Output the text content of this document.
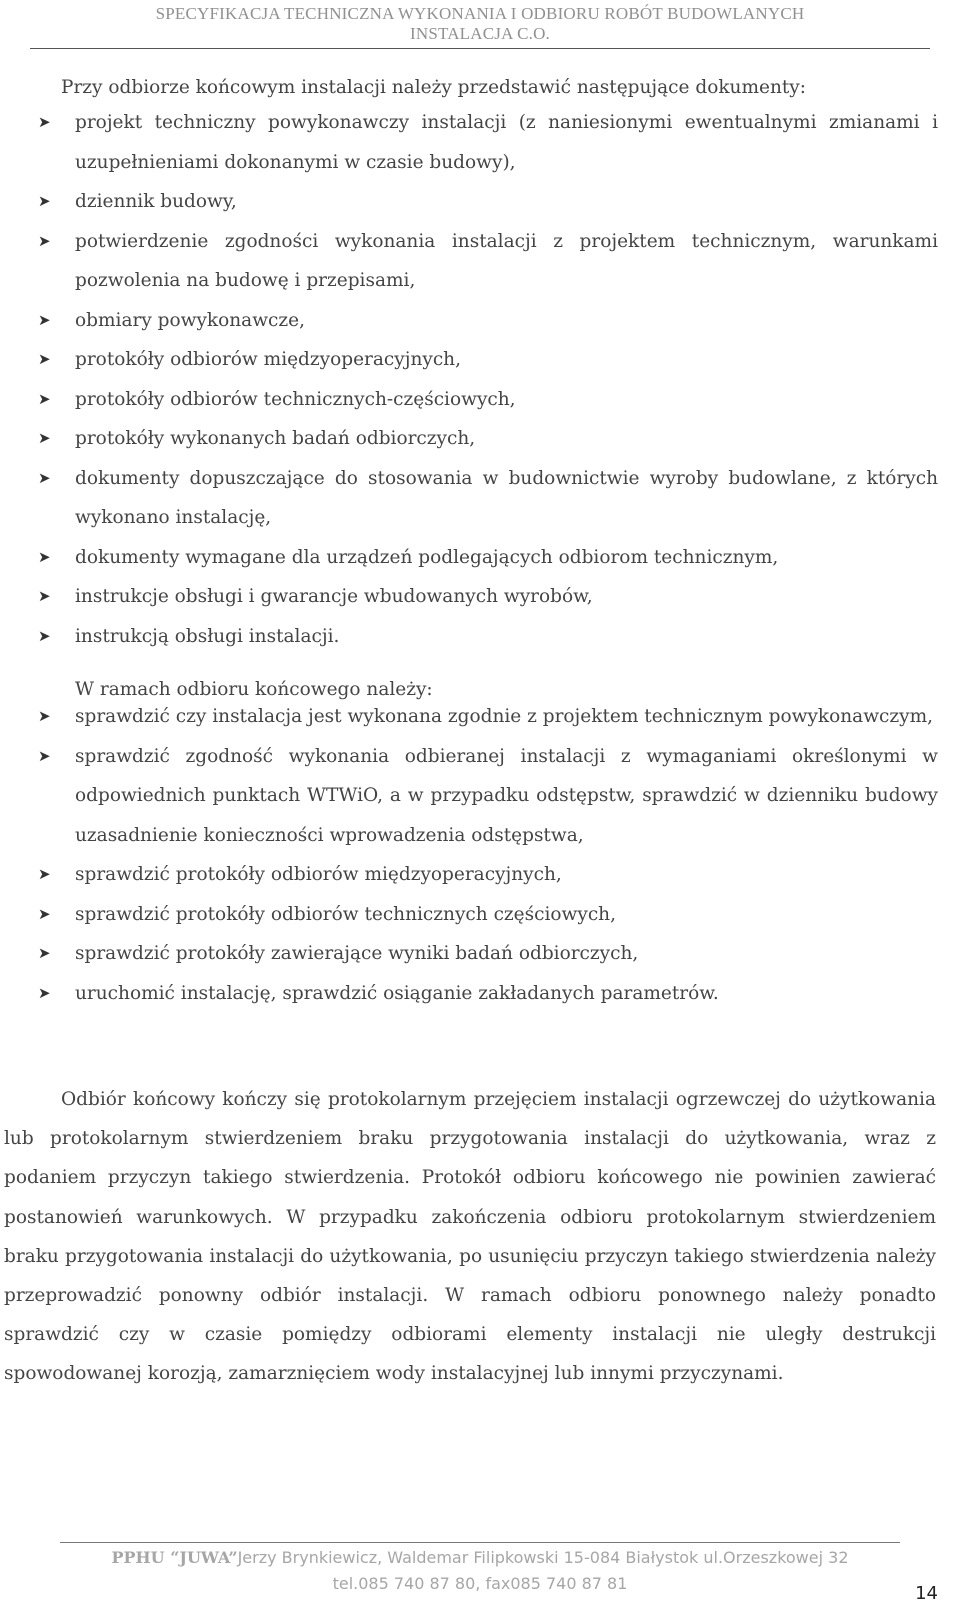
SPECYFIKACJA TECHNICZNA WYKONANIA I ODBIORU ROBÓT BUDOWLANYCH
INSTALACJA C.O.
Przy odbiorze końcowym instalacji należy przedstawić następujące dokumenty:
➤ projekt techniczny powykonawczy instalacji (z naniesionymi ewentualnymi zmianami i uzupełnieniami dokonanymi w czasie budowy),
➤ dziennik budowy,
➤ potwierdzenie zgodności wykonania instalacji z projektem technicznym, warunkami pozwolenia na budowę i przepisami,
➤ obmiary powykonawcze,
➤ protokóły odbiorów międzyoperacyjnych,
➤ protokóły odbiorów technicznych-częściowych,
➤ protokóły wykonanych badań odbiorczych,
➤ dokumenty dopuszczające do stosowania w budownictwie wyroby budowlane, z których wykonano instalację,
➤ dokumenty wymagane dla urządzeń podlegających odbiorom technicznym,
➤ instrukcje obsługi i gwarancje wbudowanych wyrobów,
➤ instrukcją obsługi instalacji.
W ramach odbioru końcowego należy:
➤ sprawdzić czy instalacja jest wykonana zgodnie z projektem technicznym powykonawczym,
➤ sprawdzić zgodność wykonania odbieranej instalacji z wymaganiami określonymi w odpowiednich punktach WTWiO, a w przypadku odstępstw, sprawdzić w dzienniku budowy uzasadnienie konieczności wprowadzenia odstępstwa,
➤ sprawdzić protokóły odbiorów międzyoperacyjnych,
➤ sprawdzić protokóły odbiorów technicznych częściowych,
➤ sprawdzić protokóły zawierające wyniki badań odbiorczych,
➤ uruchomić instalację, sprawdzić osiąganie zakładanych parametrów.

Odbiór końcowy kończy się protokolarnym przejęciem instalacji ogrzewczej do użytkowania lub protokolarnym stwierdzeniem braku przygotowania instalacji do użytkowania, wraz z podaniem przyczyn takiego stwierdzenia. Protokół odbioru końcowego nie powinien zawierać postanowień warunkowych. W przypadku zakończenia odbioru protokolarnym stwierdzeniem braku przygotowania instalacji do użytkowania, po usunięciu przyczyn takiego stwierdzenia należy przeprowadzić ponowny odbiór instalacji. W ramach odbioru ponownego należy ponadto sprawdzić czy w czasie pomiędzy odbiorami elementy instalacji nie uległy destrukcji spowodowanej korozją, zamarznięciem wody instalacyjnej lub innymi przyczynami.

PPHU “JUWA”Jerzy Brynkiewicz, Waldemar Filipkowski 15-084 Białystok ul.Orzeszkowej 32
tel.085 740 87 80, fax085 740 87 81	14
